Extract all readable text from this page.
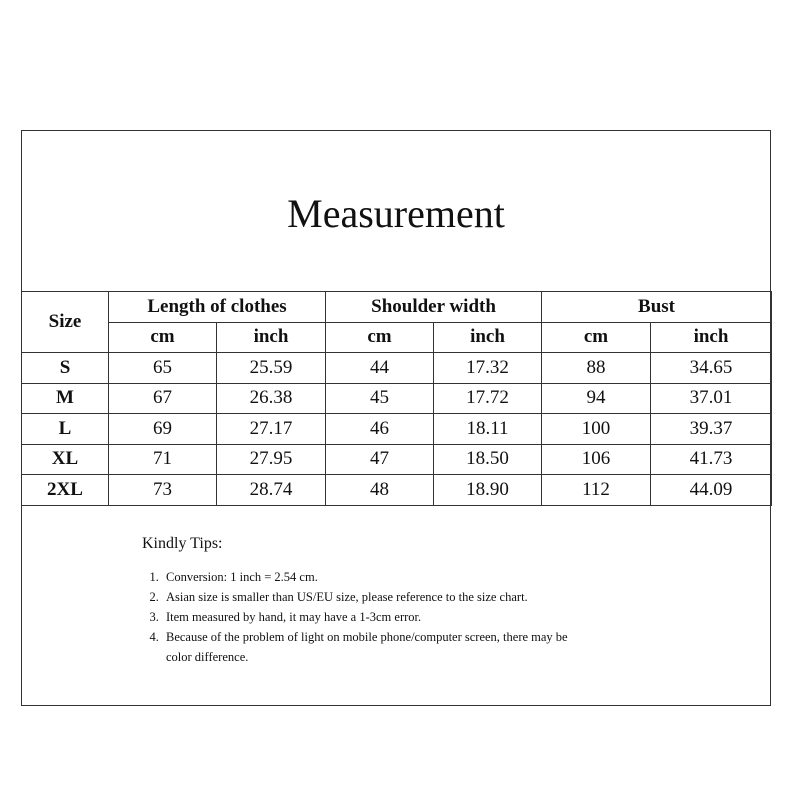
Measurement
Size	Length of clothes		Shoulder width		Bust	
	cm	inch	cm	inch	cm	inch
S	65	25.59	44	17.32	88	34.65
M	67	26.38	45	17.72	94	37.01
L	69	27.17	46	18.11	100	39.37
XL	71	27.95	47	18.50	106	41.73
2XL	73	28.74	48	18.90	112	44.09
Kindly Tips:
1. Conversion: 1 inch = 2.54 cm.
2. Asian size is smaller than US/EU size, please reference to the size chart.
3. Item measured by hand, it may have a 1-3cm error.
4. Because of the problem of light on mobile phone/computer screen, there may be color difference.
